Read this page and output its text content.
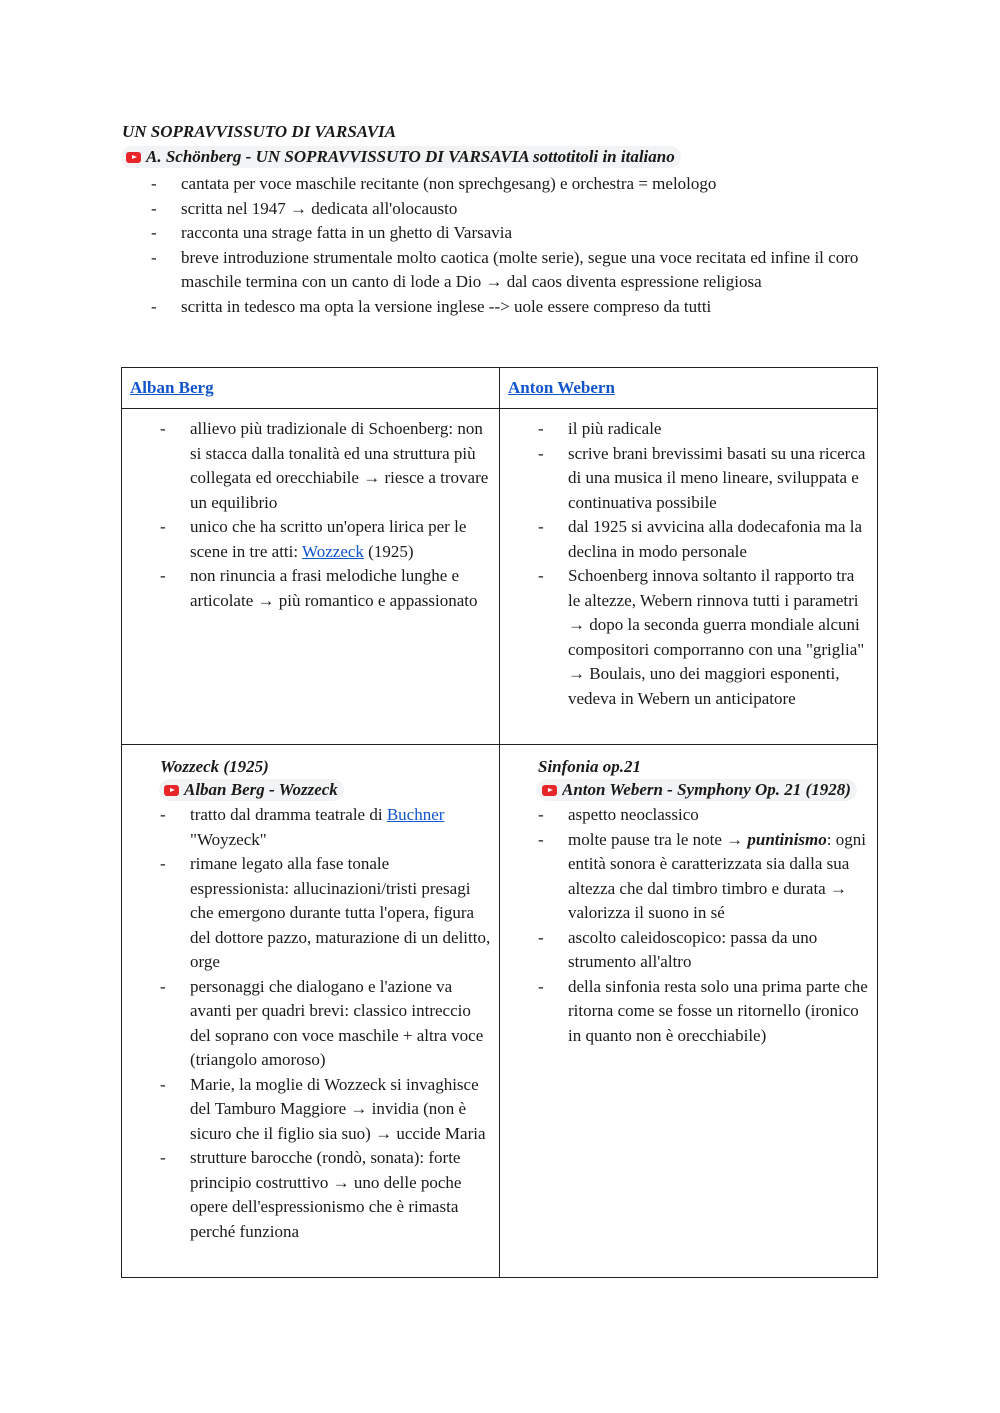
UN SOPRAVVISSUTO DI VARSAVIA
A. Schönberg - UN SOPRAVVISSUTO DI VARSAVIA sottotitoli in italiano
- cantata per voce maschile recitante (non sprechgesang) e orchestra = melologo
- scritta nel 1947 → dedicata all'olocausto
- racconta una strage fatta in un ghetto di Varsavia
- breve introduzione strumentale molto caotica (molte serie), segue una voce recitata ed infine il coro maschile termina con un canto di lode a Dio → dal caos diventa espressione religiosa
- scritta in tedesco ma opta la versione inglese --> uole essere compreso da tutti
Alban Berg	Anton Webern
- allievo più tradizionale di Schoenberg: non si stacca dalla tonalità ed una struttura più collegata ed orecchiabile → riesce a trovare un equilibrio
- unico che ha scritto un'opera lirica per le scene in tre atti: Wozzeck (1925)
- non rinuncia a frasi melodiche lunghe e articolate → più romantico e appassionato
- il più radicale
- scrive brani brevissimi basati su una ricerca di una musica il meno lineare, sviluppata e continuativa possibile
- dal 1925 si avvicina alla dodecafonia ma la declina in modo personale
- Schoenberg innova soltanto il rapporto tra le altezze, Webern rinnova tutti i parametri → dopo la seconda guerra mondiale alcuni compositori comporranno con una "griglia" → Boulais, uno dei maggiori esponenti, vedeva in Webern un anticipatore
Wozzeck (1925)
Alban Berg - Wozzeck
- tratto dal dramma teatrale di Buchner "Woyzeck"
- rimane legato alla fase tonale espressionista: allucinazioni/tristi presagi che emergono durante tutta l'opera, figura del dottore pazzo, maturazione di un delitto, orge
- personaggi che dialogano e l'azione va avanti per quadri brevi: classico intreccio del soprano con voce maschile + altra voce (triangolo amoroso)
- Marie, la moglie di Wozzeck si invaghisce del Tamburo Maggiore → invidia (non è sicuro che il figlio sia suo) → uccide Maria
- strutture barocche (rondò, sonata): forte principio costruttivo → uno delle poche opere dell'espressionismo che è rimasta perché funziona
Sinfonia op.21
Anton Webern - Symphony Op. 21 (1928)
- aspetto neoclassico
- molte pause tra le note → puntinismo: ogni entità sonora è caratterizzata sia dalla sua altezza che dal timbro timbro e durata → valorizza il suono in sé
- ascolto caleidoscopico: passa da uno strumento all'altro
- della sinfonia resta solo una prima parte che ritorna come se fosse un ritornello (ironico in quanto non è orecchiabile)
